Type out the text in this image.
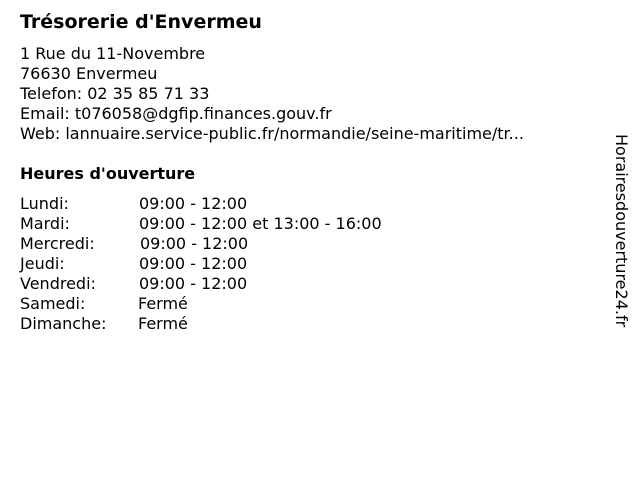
Trésorerie d'Envermeu
1 Rue du 11-Novembre
76630 Envermeu
Telefon: 02 35 85 71 33
Email: t076058@dgfip.finances.gouv.fr
Web: lannuaire.service-public.fr/normandie/seine-maritime/tr...
Heures d'ouverture
Lundi:	09:00 - 12:00
Mardi:	09:00 - 12:00 et 13:00 - 16:00
Mercredi:	09:00 - 12:00
Jeudi:	09:00 - 12:00
Vendredi:	09:00 - 12:00
Samedi:	Fermé
Dimanche: Fermé	Horairesdouverture24.fr
